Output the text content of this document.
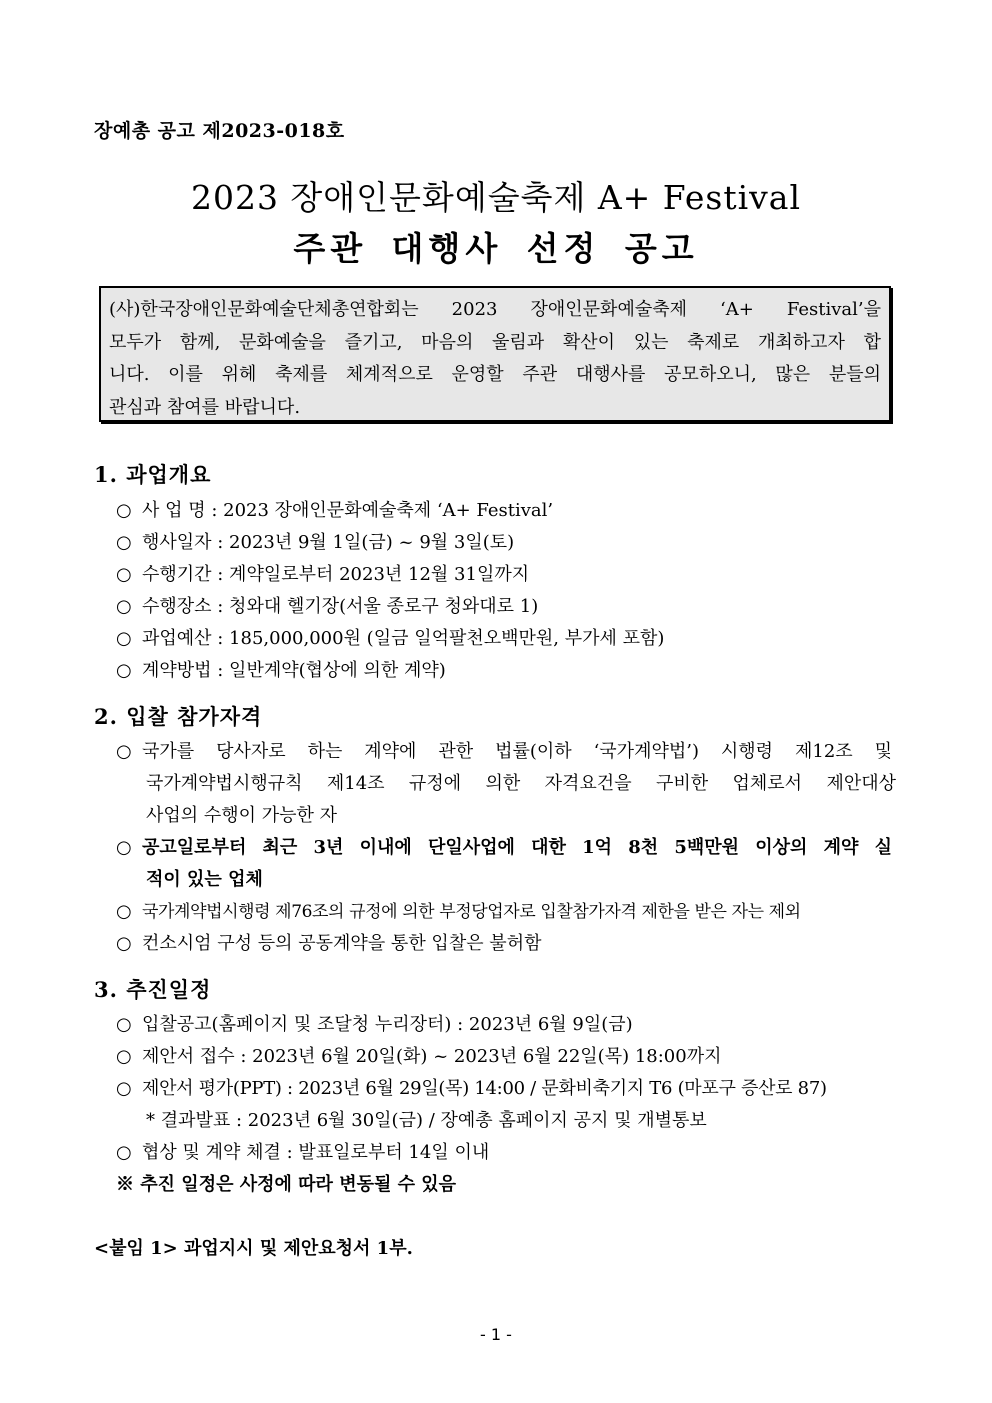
장예총 공고 제2023-018호
2023 장애인문화예술축제 A+ Festival
주관 대행사 선정 공고
(사)한국장애인문화예술단체총연합회는 2023 장애인문화예술축제 ‘A+ Festival’을
모두가 함께, 문화예술을 즐기고, 마음의 울림과 확산이 있는 축제로 개최하고자 합
니다. 이를 위헤 축제를 체계적으로 운영할 주관 대행사를 공모하오니, 많은 분들의
관심과 참여를 바랍니다.
1. 과업개요
○ 사 업 명 : 2023 장애인문화예술축제 ‘A+ Festival’
○ 행사일자 : 2023년 9월 1일(금) ~ 9월 3일(토)
○ 수행기간 : 계약일로부터 2023년 12월 31일까지
○ 수행장소 : 청와대 헬기장(서울 종로구 청와대로 1)
○ 과업예산 : 185,000,000원 (일금 일억팔천오백만원, 부가세 포함)
○ 계약방법 : 일반계약(협상에 의한 계약)
2. 입찰 참가자격
○ 국가를 당사자로 하는 계약에 관한 법률(이하 ‘국가계약법’) 시행령 제12조 및
국가계약법시행규칙 제14조 규정에 의한 자격요건을 구비한 업체로서 제안대상
사업의 수행이 가능한 자
○ 공고일로부터 최근 3년 이내에 단일사업에 대한 1억 8천 5백만원 이상의 계약 실
적이 있는 업체
○ 국가계약법시행령 제76조의 규정에 의한 부정당업자로 입찰참가자격 제한을 받은 자는 제외
○ 컨소시엄 구성 등의 공동계약을 통한 입찰은 불허함
3. 추진일정
○ 입찰공고(홈페이지 및 조달청 누리장터) : 2023년 6월 9일(금)
○ 제안서 접수 : 2023년 6월 20일(화) ~ 2023년 6월 22일(목) 18:00까지
○ 제안서 평가(PPT) : 2023년 6월 29일(목) 14:00 / 문화비축기지 T6 (마포구 증산로 87)
* 결과발표 : 2023년 6월 30일(금) / 장예총 홈페이지 공지 및 개별통보
○ 협상 및 계약 체결 : 발표일로부터 14일 이내
※ 추진 일정은 사정에 따라 변동될 수 있음
<붙임 1> 과업지시 및 제안요청서 1부.
- 1 -
